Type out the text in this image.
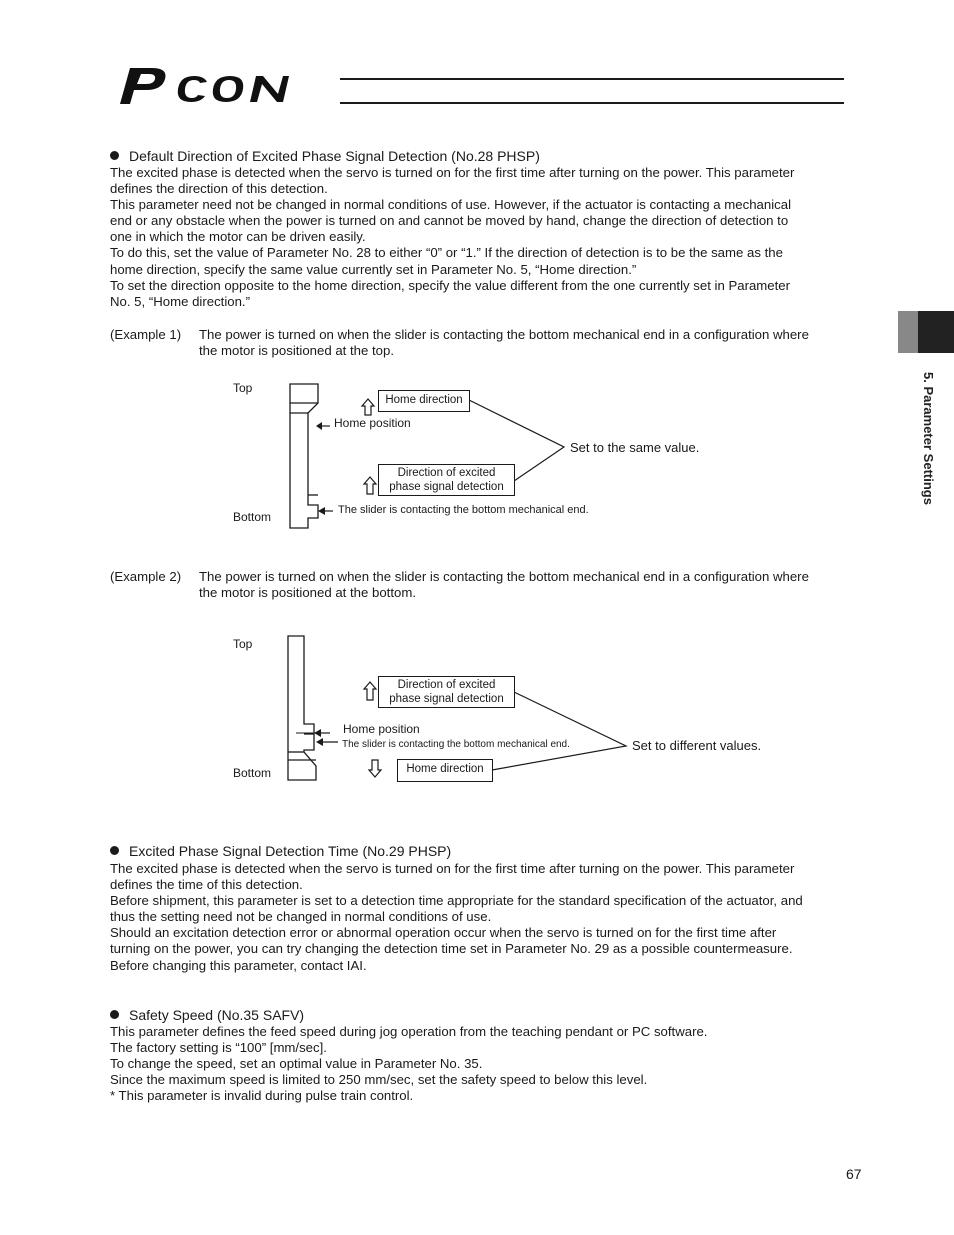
5. Parameter Settings
Default Direction of Excited Phase Signal Detection (No.28 PHSP)

The excited phase is detected when the servo is turned on for the first time after turning on the power. This parameter

defines the direction of this detection.

This parameter need not be changed in normal conditions of use. However, if the actuator is contacting a mechanical

end or any obstacle when the power is turned on and cannot be moved by hand, change the direction of detection to

one in which the motor can be driven easily.

To do this, set the value of Parameter No. 28 to either “0” or “1.” If the direction of detection is to be the same as the

home direction, specify the same value currently set in Parameter No. 5, “Home direction.”

To set the direction opposite to the home direction, specify the value different from the one currently set in Parameter

No. 5, “Home direction.”

(Example 1) The power is turned on when the slider is contacting the bottom mechanical end in a configuration where
the motor is positioned at the top.
Top
Bottom
Home direction
Home position
Direction of excited
phase signal detection
Set to the same value.
The slider is contacting the bottom mechanical end.
(Example 2) The power is turned on when the slider is contacting the bottom mechanical end in a configuration where
the motor is positioned at the bottom.
Top
Bottom
Direction of excited
phase signal detection
Home position
The slider is contacting the bottom mechanical end.	Set to different values.
Home direction
Excited Phase Signal Detection Time (No.29 PHSP)

The excited phase is detected when the servo is turned on for the first time after turning on the power. This parameter

defines the time of this detection.

Before shipment, this parameter is set to a detection time appropriate for the standard specification of the actuator, and

thus the setting need not be changed in normal conditions of use.

Should an excitation detection error or abnormal operation occur when the servo is turned on for the first time after

turning on the power, you can try changing the detection time set in Parameter No. 29 as a possible countermeasure.

Before changing this parameter, contact IAI.

Safety Speed (No.35 SAFV)

This parameter defines the feed speed during jog operation from the teaching pendant or PC software.

The factory setting is “100” [mm/sec].

To change the speed, set an optimal value in Parameter No. 35.

Since the maximum speed is limited to 250 mm/sec, set the safety speed to below this level.

* This parameter is invalid during pulse train control.

67
